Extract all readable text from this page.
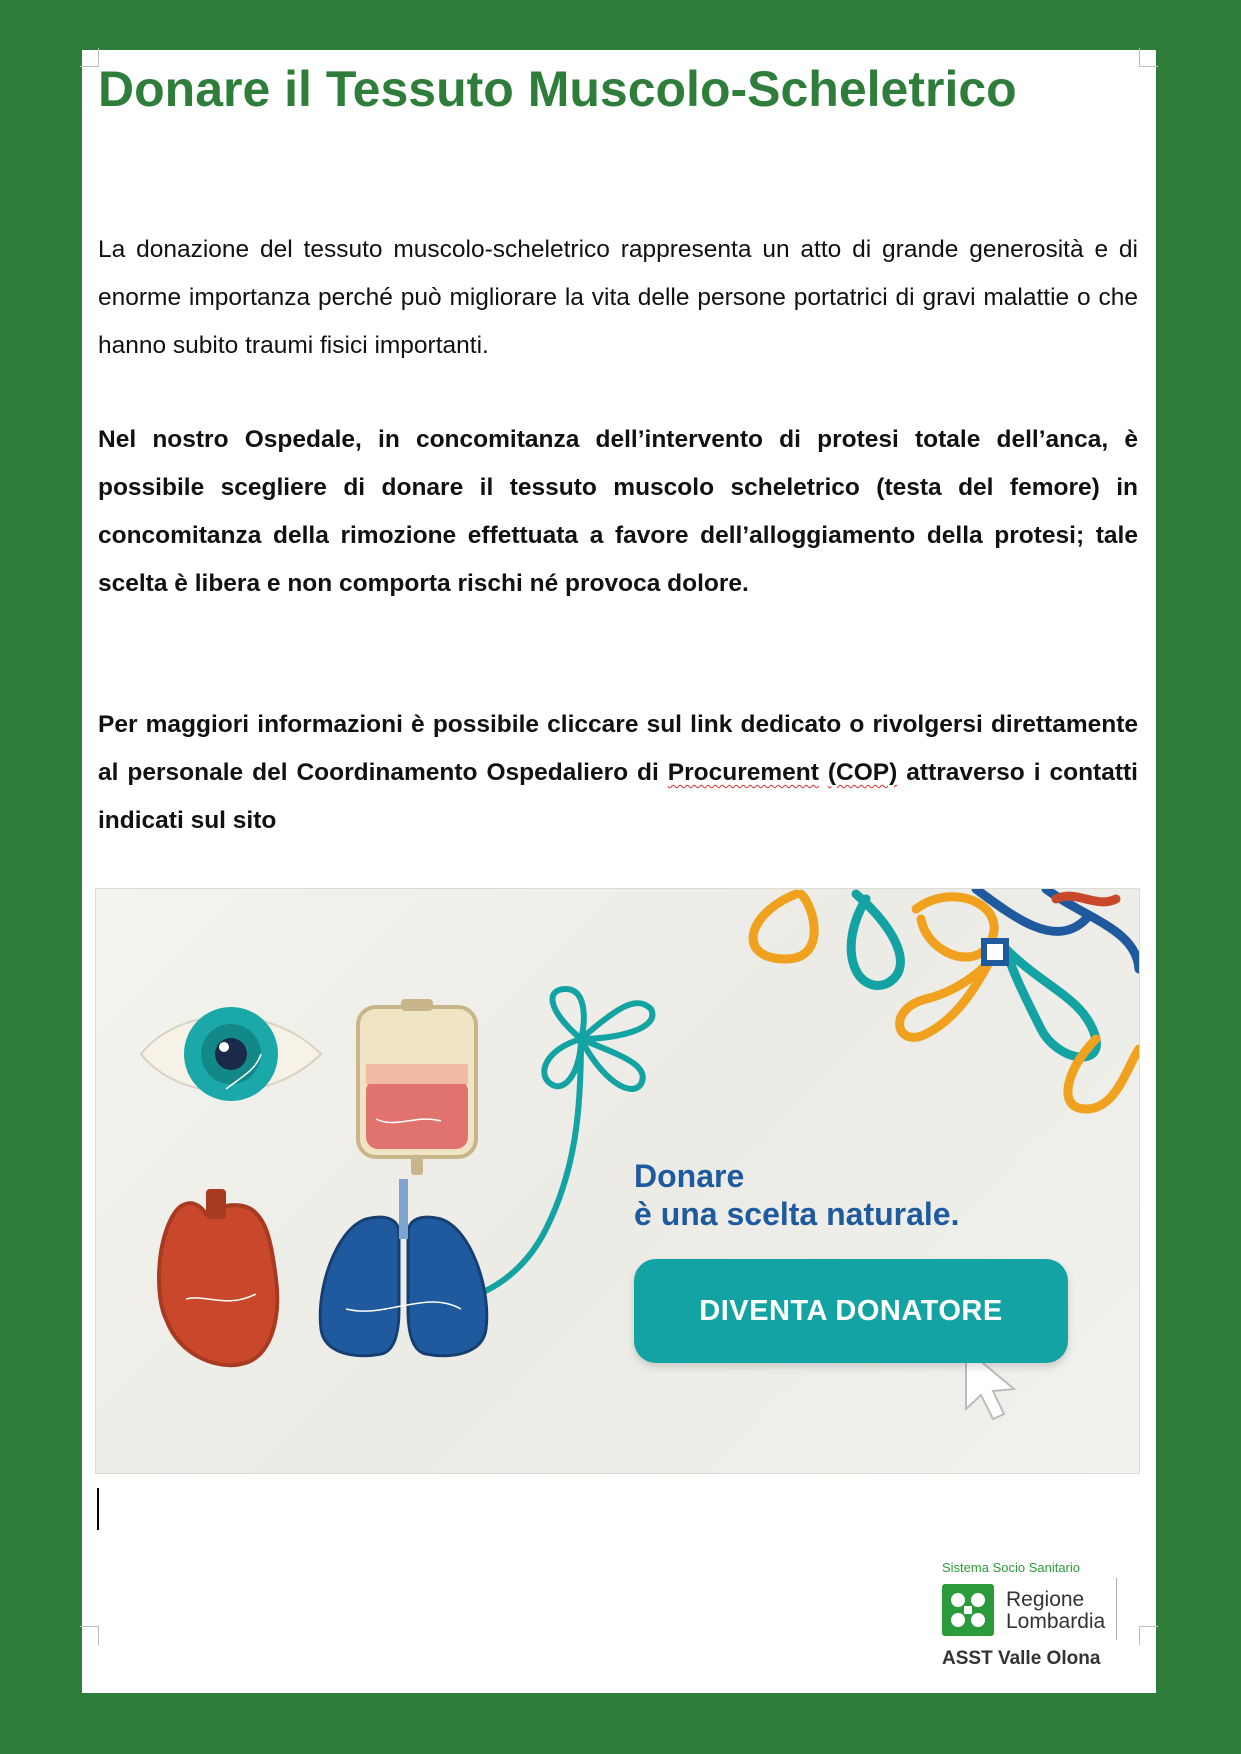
Donare il Tessuto Muscolo-Scheletrico

La donazione del tessuto muscolo-scheletrico rappresenta un atto di grande generosità e di enorme importanza perché può migliorare la vita delle persone portatrici di gravi malattie o che hanno subito traumi fisici importanti.

Nel nostro Ospedale, in concomitanza dell’intervento di protesi totale dell’anca, è possibile scegliere di donare il tessuto muscolo scheletrico (testa del femore) in concomitanza della rimozione effettuata a favore dell’alloggiamento della protesi; tale scelta è libera e non comporta rischi né provoca dolore.

Per maggiori informazioni è possibile cliccare sul link dedicato o rivolgersi direttamente al personale del Coordinamento Ospedaliero di Procurement (COP) attraverso i contatti indicati sul sito

Donare
è una scelta naturale.

DIVENTA DONATORE

Sistema Socio Sanitario

Regione

Lombardia

ASST Valle Olona
